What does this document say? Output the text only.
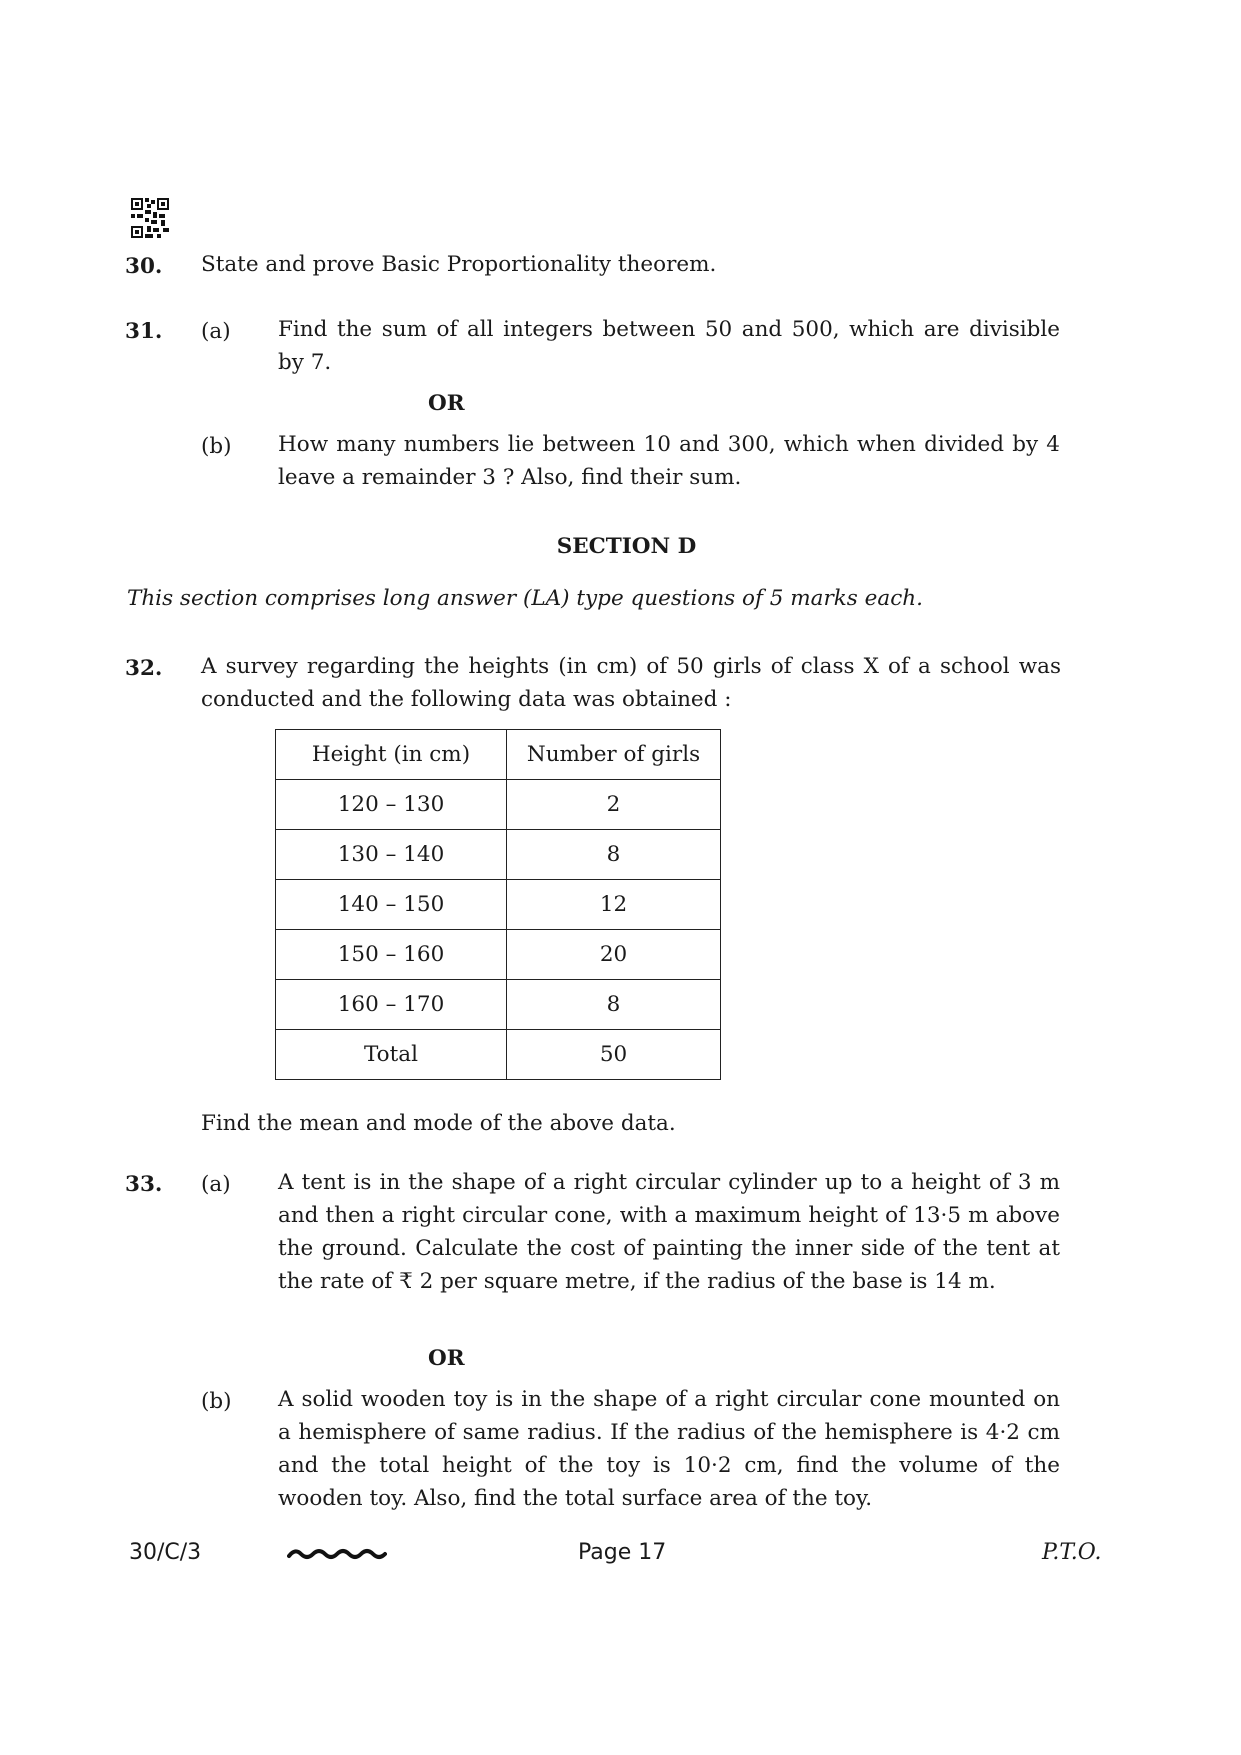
30. State and prove Basic Proportionality theorem.
31. (a) Find the sum of all integers between 50 and 500, which are divisible by 7.
OR
(b) How many numbers lie between 10 and 300, which when divided by 4 leave a remainder 3 ? Also, find their sum.
SECTION D
This section comprises long answer (LA) type questions of 5 marks each.
32. A survey regarding the heights (in cm) of 50 girls of class X of a school was conducted and the following data was obtained :
Height (in cm)	Number of girls
120 – 130	2
130 – 140	8
140 – 150	12
150 – 160	20
160 – 170	8
Total	50
Find the mean and mode of the above data.
33. (a) A tent is in the shape of a right circular cylinder up to a height of 3 m and then a right circular cone, with a maximum height of 13·5 m above the ground. Calculate the cost of painting the inner side of the tent at the rate of ₹ 2 per square metre, if the radius of the base is 14 m.
OR
(b) A solid wooden toy is in the shape of a right circular cone mounted on a hemisphere of same radius. If the radius of the hemisphere is 4·2 cm and the total height of the toy is 10·2 cm, find the volume of the wooden toy. Also, find the total surface area of the toy.
30/C/3	Page 17	P.T.O.
